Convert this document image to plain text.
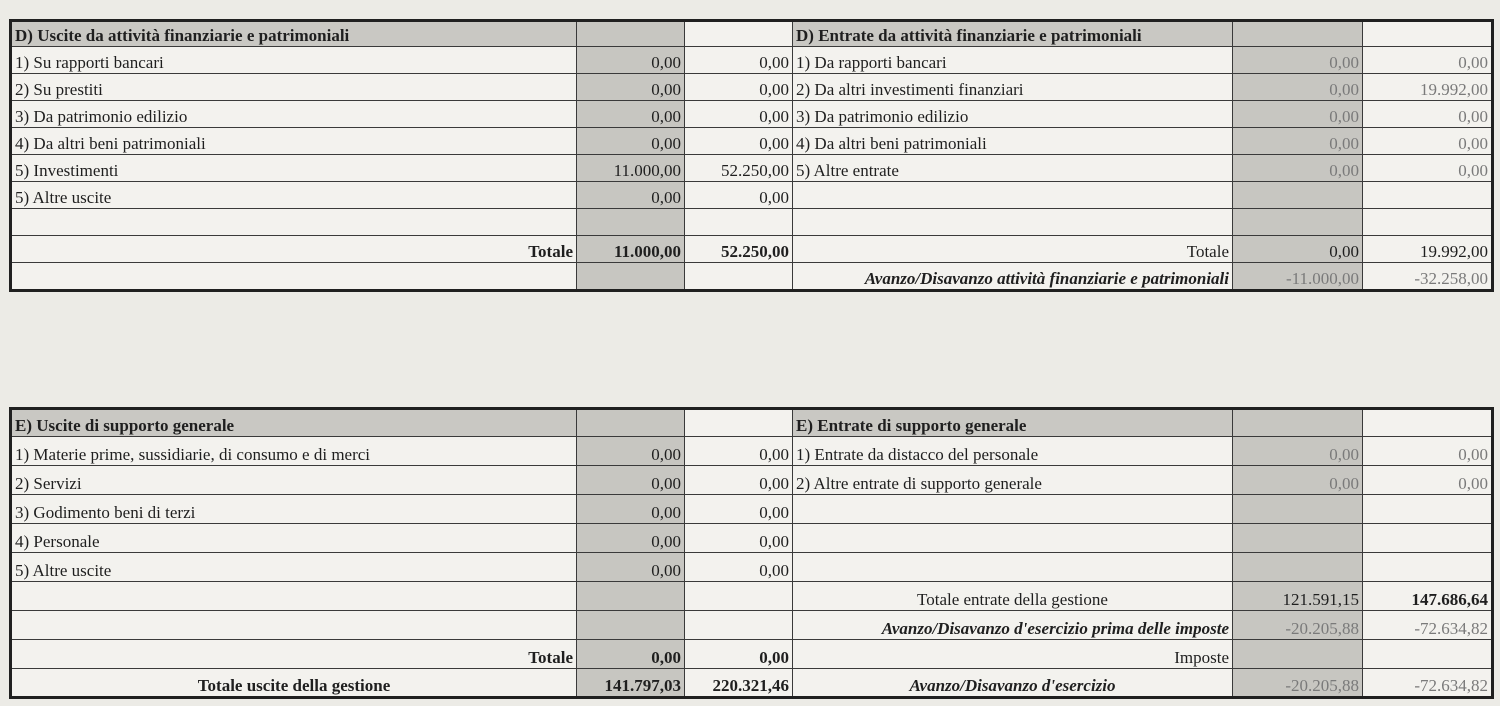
D) Uscite da attività finanziarie e patrimoniali			D) Entrate da attività finanziarie e patrimoniali		
1) Su rapporti bancari	0,00	0,00	1) Da rapporti bancari	0,00	0,00
2) Su prestiti	0,00	0,00	2) Da altri investimenti finanziari	0,00	19.992,00
3) Da patrimonio edilizio	0,00	0,00	3) Da patrimonio edilizio	0,00	0,00
4) Da altri beni patrimoniali	0,00	0,00	4) Da altri beni patrimoniali	0,00	0,00
5) Investimenti	11.000,00	52.250,00	5) Altre entrate	0,00	0,00
5) Altre uscite	0,00	0,00			

Totale	11.000,00	52.250,00	Totale	0,00	19.992,00
			Avanzo/Disavanzo attività finanziarie e patrimoniali	-11.000,00	-32.258,00
E) Uscite di supporto generale			E) Entrate di supporto generale		
1) Materie prime, sussidiarie, di consumo e di merci	0,00	0,00	1) Entrate da distacco del personale	0,00	0,00
2) Servizi	0,00	0,00	2) Altre entrate di supporto generale	0,00	0,00
3) Godimento beni di terzi	0,00	0,00			
4) Personale	0,00	0,00			
5) Altre uscite	0,00	0,00			
			Totale entrate della gestione	121.591,15	147.686,64
			Avanzo/Disavanzo d'esercizio prima delle imposte	-20.205,88	-72.634,82
Totale	0,00	0,00	Imposte		
Totale uscite della gestione	141.797,03	220.321,46	Avanzo/Disavanzo d'esercizio	-20.205,88	-72.634,82
